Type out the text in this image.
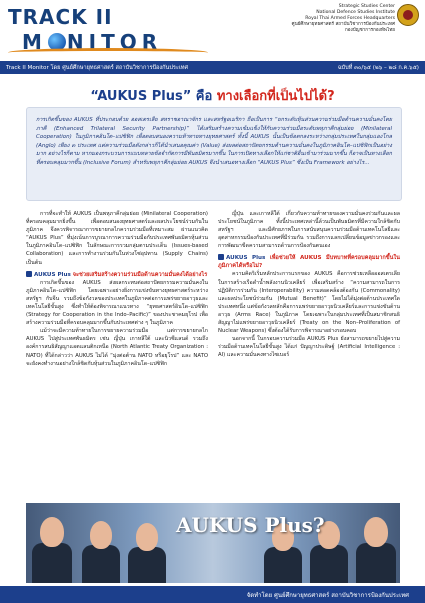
TRACK II
M NITOR
Strategic Studies Center
National Defence Studies Institute
Royal Thai Armed Forces Headquarters
ศูนย์ศึกษายุทธศาสตร์ สถาบันวิชาการป้องกันประเทศ
กองบัญชาการกองทัพไทย
Track II Monitor โดย ศูนย์ศึกษายุทธศาสตร์ สถาบันวิชาการป้องกันประเทศ	ฉบับที่ ๓๐/๖๕ (๒๖ – ๒๘ ก.ค.๖๕)
“AUKUS Plus” คือ ทางเลือกที่เป็นไปได้?
การเกิดขึ้นของ AUKUS ที่ประกอบด้วย ออสเตรเลีย สหราชอาณาจักร และสหรัฐอเมริกา ถือเป็นการ “ยกระดับหุ้นส่วนความร่วมมือด้านความมั่นคงโดยภาคี (Enhanced Trilateral Security Partnership)” ได้เสริมสร้างความเข้มแข็งให้กับความร่วมมือระดับพหุภาคีกลุ่มย่อย (Minilateral Cooperation) ในภูมิภาคอินโด–แปซิฟิก เพื่อตอบสนองความท้าทายทางยุทธศาสตร์ ทั้งนี้ AUKUS นั้นเป็นข้อตกลงระหว่างกลุ่มประเทศในกลุ่มแองโกล (Anglo) เพียง ๓ ประเทศ แต่ความร่วมมือดังกล่าวก็ได้นำเสนอคุณค่า (Value) ส่งผลต่อสถาปัตยกรรมด้านความมั่นคงในภูมิภาคอินโด–แปซิฟิกเป็นอย่างมาก อย่างไรก็ตาม หากมองกระบวนการแบบทลายข้อจำกัดการมีพันธมิตรมากขึ้น ในการเปิดทางเลือกให้แก่ชาติอื่นเข้ามาร่วมมากขึ้น ก็อาจเป็นทางเลือกที่ครอบคลุมมากขึ้น (Inclusive Forum) สำหรับพหุภาคีกลุ่มย่อย AUKUS จึงนำเสนอทางเลือก “AUKUS Plus” ซึ่งเป็น Framework อย่างไร...

การที่จะทำให้ AUKUS เป็นพหุภาคีกลุ่มย่อย (Minilateral Cooperation) ที่ครอบคลุมมากยิ่งขึ้น เพื่อตอบสนองยุทธศาสตร์และผลประโยชน์ร่วมกันในภูมิภาค จึงควรพิจารณาการขยายกลไกความร่วมมือที่เหมาะสม ผ่านแนวคิด “AUKUS Plus” ที่มุ่งเน้นการบูรณาการความร่วมมือกับประเทศพันธมิตรหุ้นส่วนในภูมิภาคอินโด–แปซิฟิก ในลักษณะการรวมกลุ่มตามประเด็น (Issues-based Collaboration) และการทำงานร่วมกันในห่วงโซ่อุปทาน (Supply Chains) เป็นต้น

AUKUS Plus จะช่วยเสริมสร้างความร่วมมือด้านความมั่นคงได้อย่างไร

การเกิดขึ้นของ AUKUS ส่งผลกระทบต่อสถาปัตยกรรมความมั่นคงในภูมิภาคอินโด–แปซิฟิก โดยเฉพาะอย่างยิ่งการแข่งขันทางยุทธศาสตร์ระหว่างสหรัฐฯ กับจีน รวมถึงข้อกังวลของประเทศในภูมิภาคต่อการแพร่ขยายอาวุธและเทคโนโลยีขั้นสูง ซึ่งทำให้ต้องพิจารณาแนวทาง “ยุทธศาสตร์อินโด–แปซิฟิก (Strategy for Cooperation in the Indo–Pacific)” ของประชาคมยุโรป เพื่อสร้างความร่วมมือที่ครอบคลุมมากขึ้นกับประเทศต่าง ๆ ในภูมิภาค

แม้ว่าจะมีความท้าทายในการขยายความร่วมมือ แต่การขยายกลไก AUKUS ไปสู่ประเทศพันธมิตร เช่น ญี่ปุ่น เกาหลีใต้ และนิวซีแลนด์ รวมถึงองค์การสนธิสัญญาแอตแลนติกเหนือ (North Atlantic Treaty Organization : NATO) ที่ได้กล่าวว่า AUKUS ไม่ได้ “มุ่งต่อต้าน NATO หรือยุโรป” และ NATO จะยังคงทำงานอย่างใกล้ชิดกับหุ้นส่วนในภูมิภาคอินโด–แปซิฟิก

ญี่ปุ่น และเกาหลีใต้ เกี่ยวกับความท้าทายของความมั่นคงร่วมกันและผลประโยชน์ในภูมิภาค ทั้งนี้ประเทศเหล่านี้ล้วนเป็นพันธมิตรที่มีความใกล้ชิดกับสหรัฐฯ และมีศักยภาพในการสนับสนุนความร่วมมือด้านเทคโนโลยีและอุตสาหกรรมป้องกันประเทศที่มีร่วมกัน รวมถึงการแลกเปลี่ยนข้อมูลข่าวกรองและการพัฒนาขีดความสามารถด้านการป้องกันตนเอง

AUKUS Plus เพื่อช่วยให้ AUKUS มีบทบาทที่ครอบคลุมมากขึ้นในภูมิภาคได้หรือไม่?

ความคิดริเริ่มหลักประการแรกของ AUKUS คือการช่วยเหลือออสเตรเลียในการสร้างเรือดำน้ำพลังงานนิวเคลียร์ เพื่อเสริมสร้าง “ความสามารถในการปฏิบัติการร่วมกัน (Interoperability) ความสอดคล้องต้องกัน (Commonality) และผลประโยชน์ร่วมกัน (Mutual Benefit)” โดยไม่ได้มุ่งต่อต้านประเทศใดประเทศหนึ่ง แต่ข้อกังวลหลักคือการแพร่ขยายอาวุธนิวเคลียร์และการแข่งขันด้านอาวุธ (Arms Race) ในภูมิภาค โดยเฉพาะในกลุ่มประเทศที่เป็นสมาชิกสนธิสัญญาไม่แพร่ขยายอาวุธนิวเคลียร์ (Treaty on the Non–Proliferation of Nuclear Weapons) ซึ่งต้องได้รับการพิจารณาอย่างรอบคอบ

นอกจากนี้ ในกรอบความร่วมมือ AUKUS Plus ยังสามารถขยายไปสู่ความร่วมมือด้านเทคโนโลยีขั้นสูง ได้แก่ ปัญญาประดิษฐ์ (Artificial Intelligence : AI) และความมั่นคงทางไซเบอร์

AUKUS Plus?
จัดทำโดย ศูนย์ศึกษายุทธศาสตร์ สถาบันวิชาการป้องกันประเทศ
